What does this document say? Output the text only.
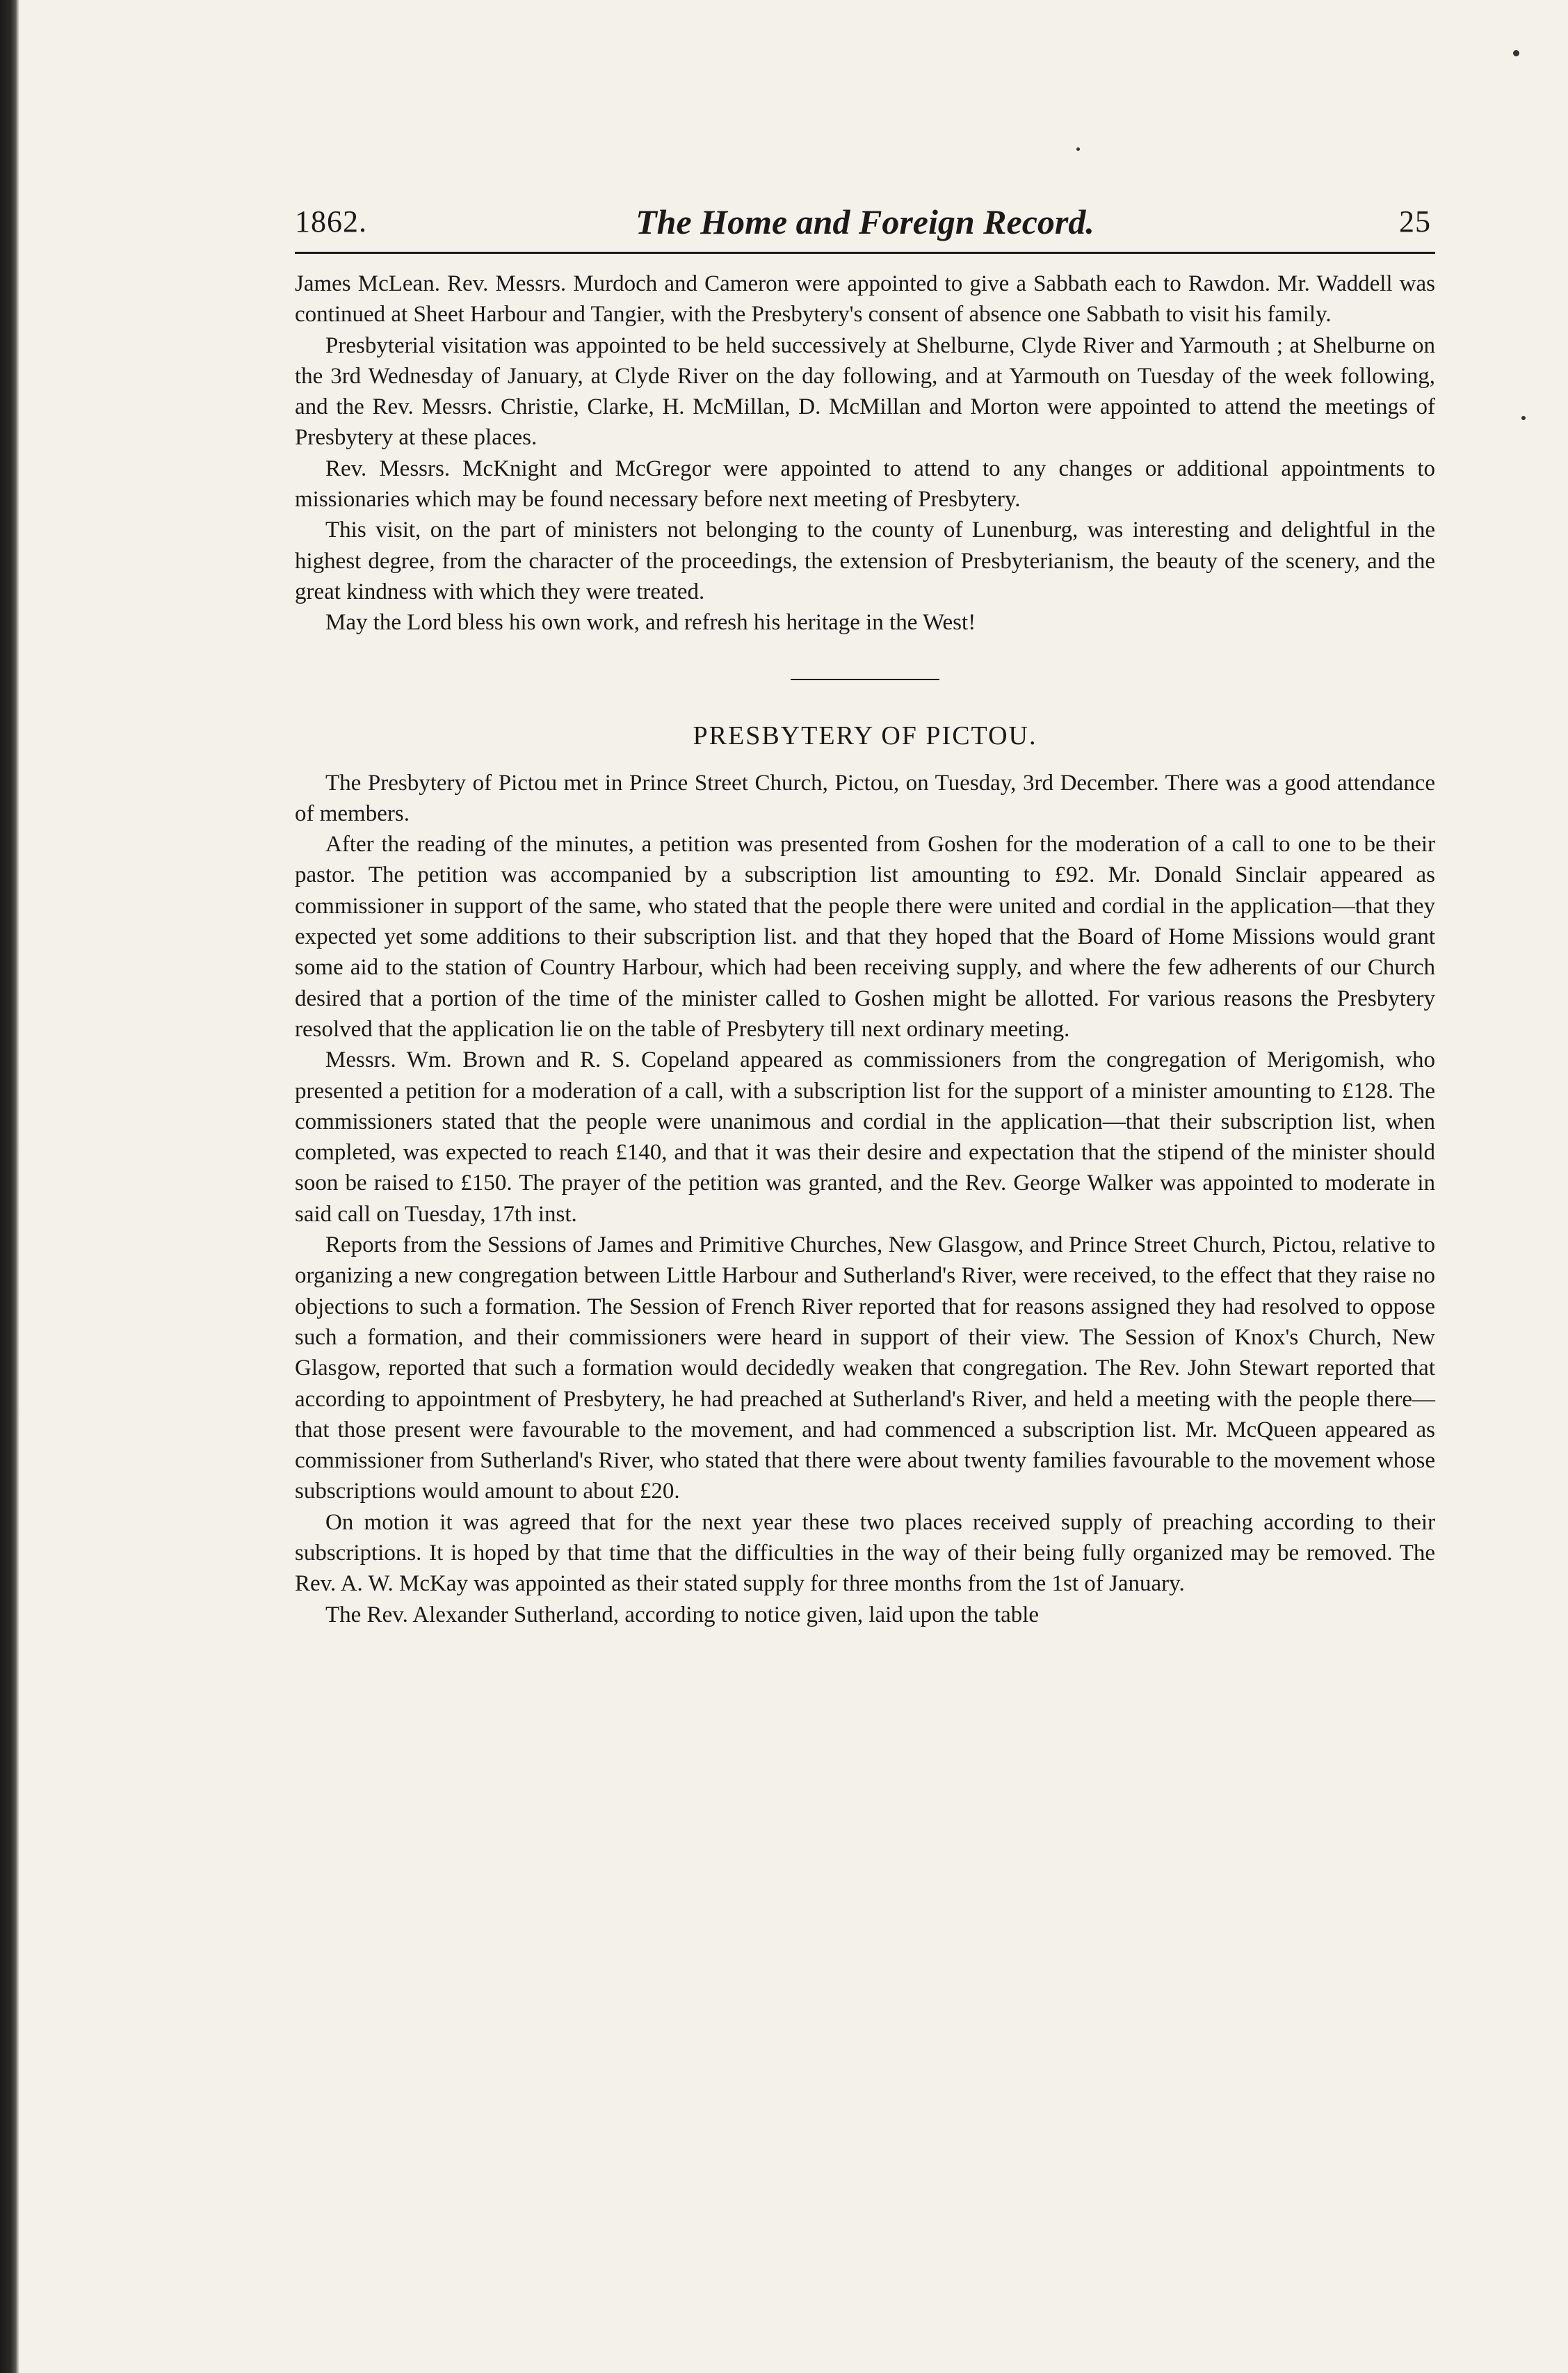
1862.	The Home and Foreign Record.	25

James McLean. Rev. Messrs. Murdoch and Cameron were appointed to give a Sabbath each to Rawdon. Mr. Waddell was continued at Sheet Harbour and Tangier, with the Presbytery's consent of absence one Sabbath to visit his family.

Presbyterial visitation was appointed to be held successively at Shelburne, Clyde River and Yarmouth ; at Shelburne on the 3rd Wednesday of January, at Clyde River on the day following, and at Yarmouth on Tuesday of the week following, and the Rev. Messrs. Christie, Clarke, H. McMillan, D. McMillan and Morton were appointed to attend the meetings of Presbytery at these places.

Rev. Messrs. McKnight and McGregor were appointed to attend to any changes or additional appointments to missionaries which may be found necessary before next meeting of Presbytery.

This visit, on the part of ministers not belonging to the county of Lunenburg, was interesting and delightful in the highest degree, from the character of the proceedings, the extension of Presbyterianism, the beauty of the scenery, and the great kindness with which they were treated.

May the Lord bless his own work, and refresh his heritage in the West!

PRESBYTERY OF PICTOU.

The Presbytery of Pictou met in Prince Street Church, Pictou, on Tuesday, 3rd December. There was a good attendance of members.

After the reading of the minutes, a petition was presented from Goshen for the moderation of a call to one to be their pastor. The petition was accompanied by a subscription list amounting to £92. Mr. Donald Sinclair appeared as commissioner in support of the same, who stated that the people there were united and cordial in the application—that they expected yet some additions to their subscription list. and that they hoped that the Board of Home Missions would grant some aid to the station of Country Harbour, which had been receiving supply, and where the few adherents of our Church desired that a portion of the time of the minister called to Goshen might be allotted. For various reasons the Presbytery resolved that the application lie on the table of Presbytery till next ordinary meeting.

Messrs. Wm. Brown and R. S. Copeland appeared as commissioners from the congregation of Merigomish, who presented a petition for a moderation of a call, with a subscription list for the support of a minister amounting to £128. The commissioners stated that the people were unanimous and cordial in the application—that their subscription list, when completed, was expected to reach £140, and that it was their desire and expectation that the stipend of the minister should soon be raised to £150. The prayer of the petition was granted, and the Rev. George Walker was appointed to moderate in said call on Tuesday, 17th inst.

Reports from the Sessions of James and Primitive Churches, New Glasgow, and Prince Street Church, Pictou, relative to organizing a new congregation between Little Harbour and Sutherland's River, were received, to the effect that they raise no objections to such a formation. The Session of French River reported that for reasons assigned they had resolved to oppose such a formation, and their commissioners were heard in support of their view. The Session of Knox's Church, New Glasgow, reported that such a formation would decidedly weaken that congregation. The Rev. John Stewart reported that according to appointment of Presbytery, he had preached at Sutherland's River, and held a meeting with the people there—that those present were favourable to the movement, and had commenced a subscription list. Mr. McQueen appeared as commissioner from Sutherland's River, who stated that there were about twenty families favourable to the movement whose subscriptions would amount to about £20.

On motion it was agreed that for the next year these two places received supply of preaching according to their subscriptions. It is hoped by that time that the difficulties in the way of their being fully organized may be removed. The Rev. A. W. McKay was appointed as their stated supply for three months from the 1st of January.

The Rev. Alexander Sutherland, according to notice given, laid upon the table
